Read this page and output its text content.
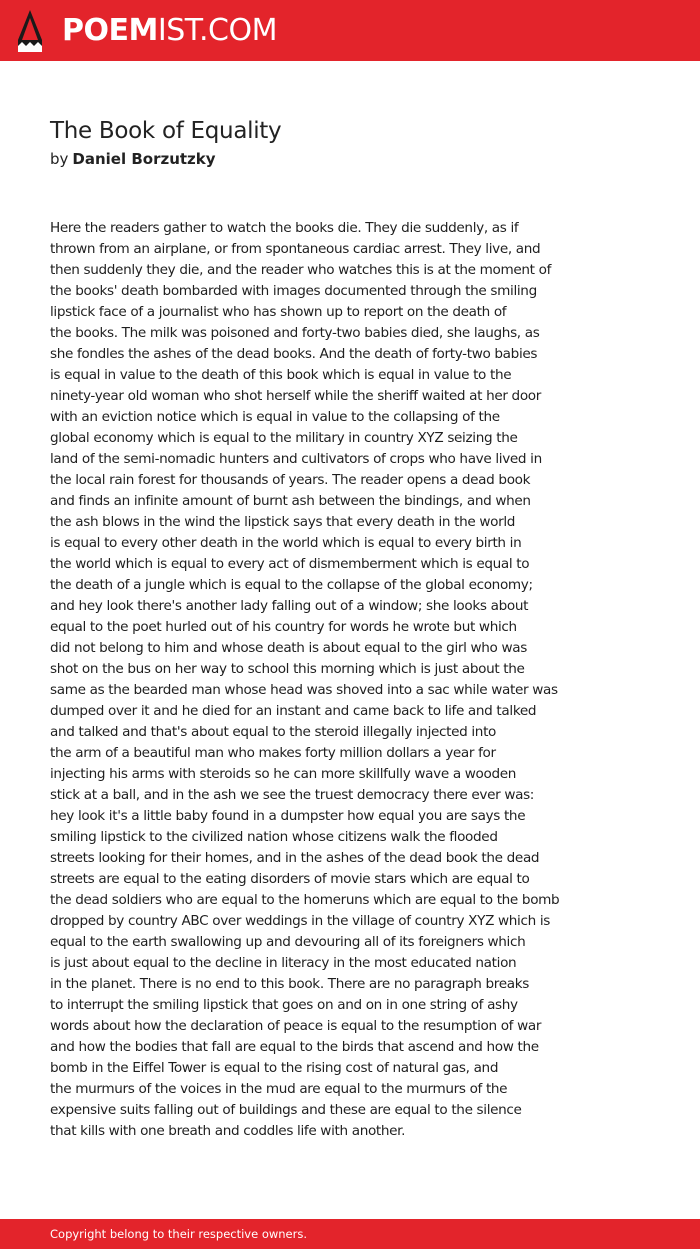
POEMIST.COM
The Book of Equality
by Daniel Borzutzky
Here the readers gather to watch the books die. They die suddenly, as if
thrown from an airplane, or from spontaneous cardiac arrest. They live, and
then suddenly they die, and the reader who watches this is at the moment of
the books' death bombarded with images documented through the smiling
lipstick face of a journalist who has shown up to report on the death of
the books. The milk was poisoned and forty-two babies died, she laughs, as
she fondles the ashes of the dead books. And the death of forty-two babies
is equal in value to the death of this book which is equal in value to the
ninety-year old woman who shot herself while the sheriff waited at her door
with an eviction notice which is equal in value to the collapsing of the
global economy which is equal to the military in country XYZ seizing the
land of the semi-nomadic hunters and cultivators of crops who have lived in
the local rain forest for thousands of years. The reader opens a dead book
and finds an infinite amount of burnt ash between the bindings, and when
the ash blows in the wind the lipstick says that every death in the world
is equal to every other death in the world which is equal to every birth in
the world which is equal to every act of dismemberment which is equal to
the death of a jungle which is equal to the collapse of the global economy;
and hey look there's another lady falling out of a window; she looks about
equal to the poet hurled out of his country for words he wrote but which
did not belong to him and whose death is about equal to the girl who was
shot on the bus on her way to school this morning which is just about the
same as the bearded man whose head was shoved into a sac while water was
dumped over it and he died for an instant and came back to life and talked
and talked and that's about equal to the steroid illegally injected into
the arm of a beautiful man who makes forty million dollars a year for
injecting his arms with steroids so he can more skillfully wave a wooden
stick at a ball, and in the ash we see the truest democracy there ever was:
hey look it's a little baby found in a dumpster how equal you are says the
smiling lipstick to the civilized nation whose citizens walk the flooded
streets looking for their homes, and in the ashes of the dead book the dead
streets are equal to the eating disorders of movie stars which are equal to
the dead soldiers who are equal to the homeruns which are equal to the bomb
dropped by country ABC over weddings in the village of country XYZ which is
equal to the earth swallowing up and devouring all of its foreigners which
is just about equal to the decline in literacy in the most educated nation
in the planet. There is no end to this book. There are no paragraph breaks
to interrupt the smiling lipstick that goes on and on in one string of ashy
words about how the declaration of peace is equal to the resumption of war
and how the bodies that fall are equal to the birds that ascend and how the
bomb in the Eiffel Tower is equal to the rising cost of natural gas, and
the murmurs of the voices in the mud are equal to the murmurs of the
expensive suits falling out of buildings and these are equal to the silence
that kills with one breath and coddles life with another.
Copyright belong to their respective owners.
